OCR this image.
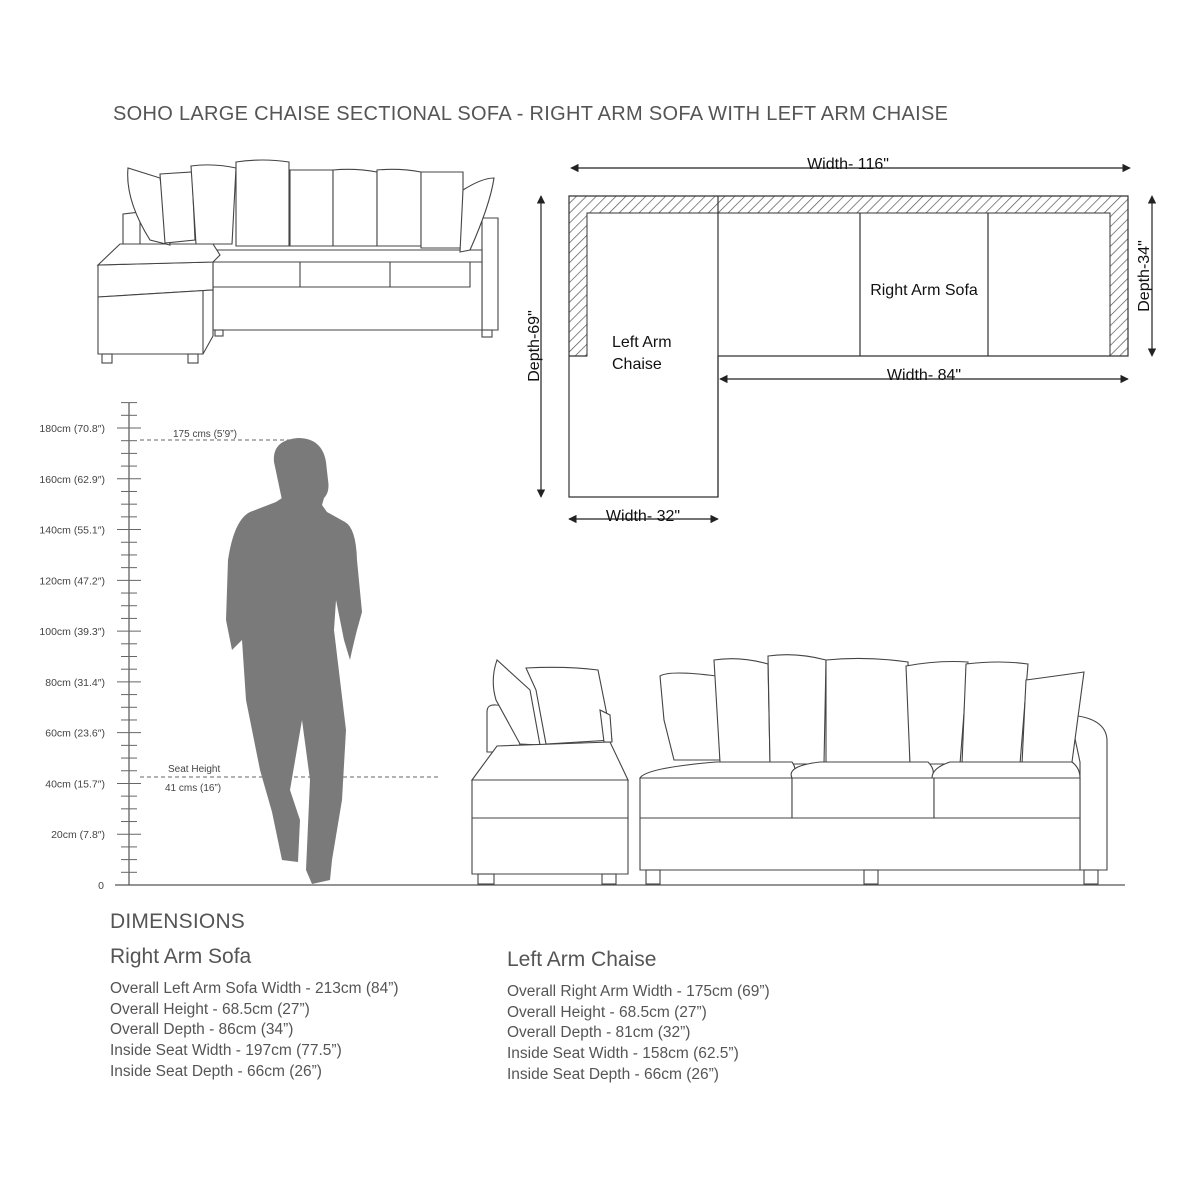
SOHO LARGE CHAISE SECTIONAL SOFA - RIGHT ARM SOFA WITH LEFT ARM CHAISE
Width- 116"
Right Arm Sofa
Left Arm
Chaise
Width- 84"
Width- 32"
Depth-34"
Depth-69"
180cm (70.8″)
160cm (62.9″)
140cm (55.1″)
120cm (47.2″)
100cm (39.3″)
80cm (31.4″)
60cm (23.6″)
40cm (15.7″)
20cm (7.8″)
0
175 cms (5’9”)
Seat Height
41 cms (16”)
DIMENSIONS
Right Arm Sofa
Overall Left Arm Sofa Width - 213cm (84”)
Overall Height - 68.5cm (27”)
Overall Depth - 86cm (34”)
Inside Seat Width - 197cm (77.5”)
Inside Seat Depth - 66cm (26”)
Left Arm Chaise
Overall Right Arm Width - 175cm (69”)
Overall Height - 68.5cm (27”)
Overall Depth - 81cm (32”)
Inside Seat Width - 158cm (62.5”)
Inside Seat Depth - 66cm (26”)
